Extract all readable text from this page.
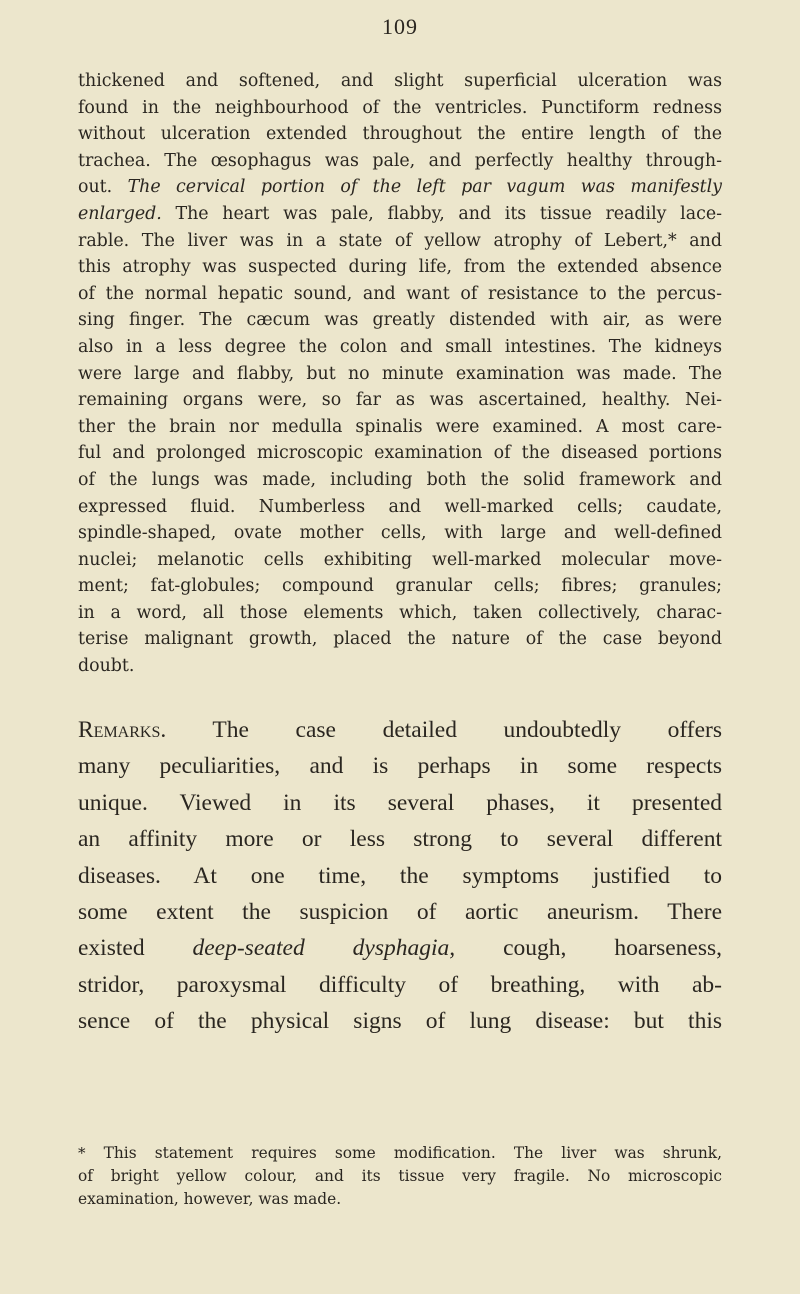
109
thickened and softened, and slight superficial ulceration was
found in the neighbourhood of the ventricles. Punctiform redness
without ulceration extended throughout the entire length of the
trachea. The œsophagus was pale, and perfectly healthy through-
out. The cervical portion of the left par vagum was manifestly
enlarged. The heart was pale, flabby, and its tissue readily lace-
rable. The liver was in a state of yellow atrophy of Lebert,* and
this atrophy was suspected during life, from the extended absence
of the normal hepatic sound, and want of resistance to the percus-
sing finger. The cæcum was greatly distended with air, as were
also in a less degree the colon and small intestines. The kidneys
were large and flabby, but no minute examination was made. The
remaining organs were, so far as was ascertained, healthy. Nei-
ther the brain nor medulla spinalis were examined. A most care-
ful and prolonged microscopic examination of the diseased portions
of the lungs was made, including both the solid framework and
expressed fluid. Numberless and well-marked cells; caudate,
spindle-shaped, ovate mother cells, with large and well-defined
nuclei; melanotic cells exhibiting well-marked molecular move-
ment; fat-globules; compound granular cells; fibres; granules;
in a word, all those elements which, taken collectively, charac-
terise malignant growth, placed the nature of the case beyond
doubt.
Remarks. The case detailed undoubtedly offers
many peculiarities, and is perhaps in some respects
unique. Viewed in its several phases, it presented
an affinity more or less strong to several different
diseases. At one time, the symptoms justified to
some extent the suspicion of aortic aneurism. There
existed deep-seated dysphagia, cough, hoarseness,
stridor, paroxysmal difficulty of breathing, with ab-
sence of the physical signs of lung disease: but this
* This statement requires some modification. The liver was shrunk,
of bright yellow colour, and its tissue very fragile. No microscopic
examination, however, was made.
